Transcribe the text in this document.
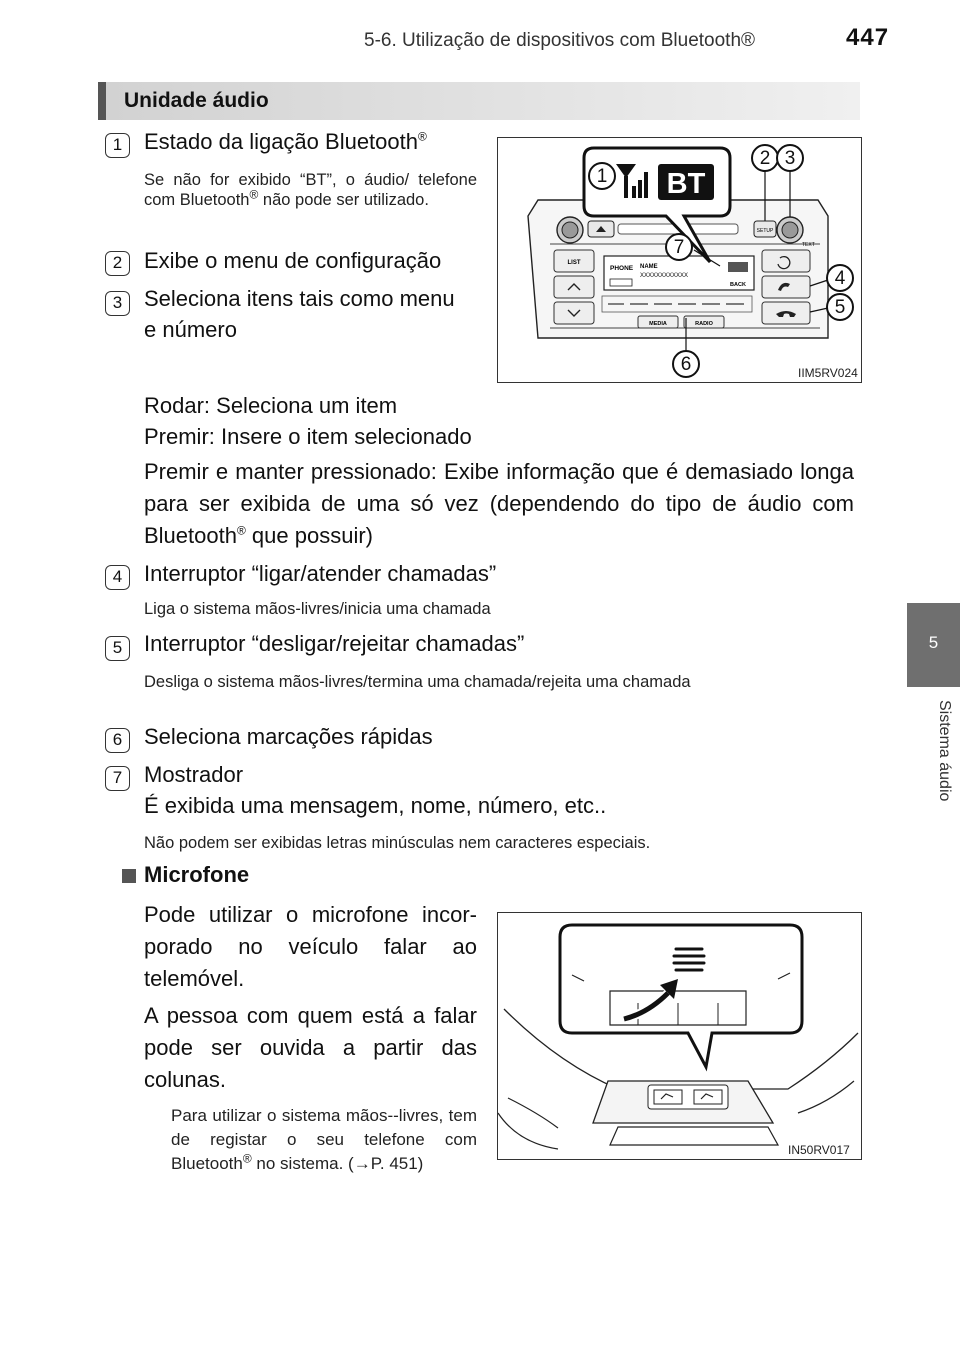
5-6. Utilização de dispositivos com Bluetooth®	447
5
Sistema áudio
Unidade áudio
1 Estado da ligação Bluetooth®
Se não for exibido “BT”, o áudio/ telefone com Bluetooth® não pode ser utilizado.
2 Exibe o menu de configuração
3 Seleciona itens tais como menu
e número
SETUP
TEXT
LIST
PHONE NAME
XXXXXXXXXXXX
BACK
MEDIA	RADIO
BT
1
2 3
4
5
6
7
IIM5RV024
Rodar: Seleciona um item
Premir: Insere o item selecionado
Premir e manter pressionado: Exibe informação que é demasiado longa para ser exibida de uma só vez (dependendo do tipo de áudio com Bluetooth® que possuir)
4 Interruptor “ligar/atender chamadas”
Liga o sistema mãos-livres/inicia uma chamada
5 Interruptor “desligar/rejeitar chamadas”
Desliga o sistema mãos-livres/termina uma chamada/rejeita uma chamada
6 Seleciona marcações rápidas
7 Mostrador
É exibida uma mensagem, nome, número, etc..
Não podem ser exibidas letras minúsculas nem caracteres especiais.
Microfone
Pode utilizar o microfone incor-porado no veículo falar ao telemóvel.
A pessoa com quem está a falar pode ser ouvida a partir das colunas.
Para utilizar o sistema mãos--livres, tem de registar o seu telefone com Bluetooth® no sistema. (→P. 451)
IN50RV017
